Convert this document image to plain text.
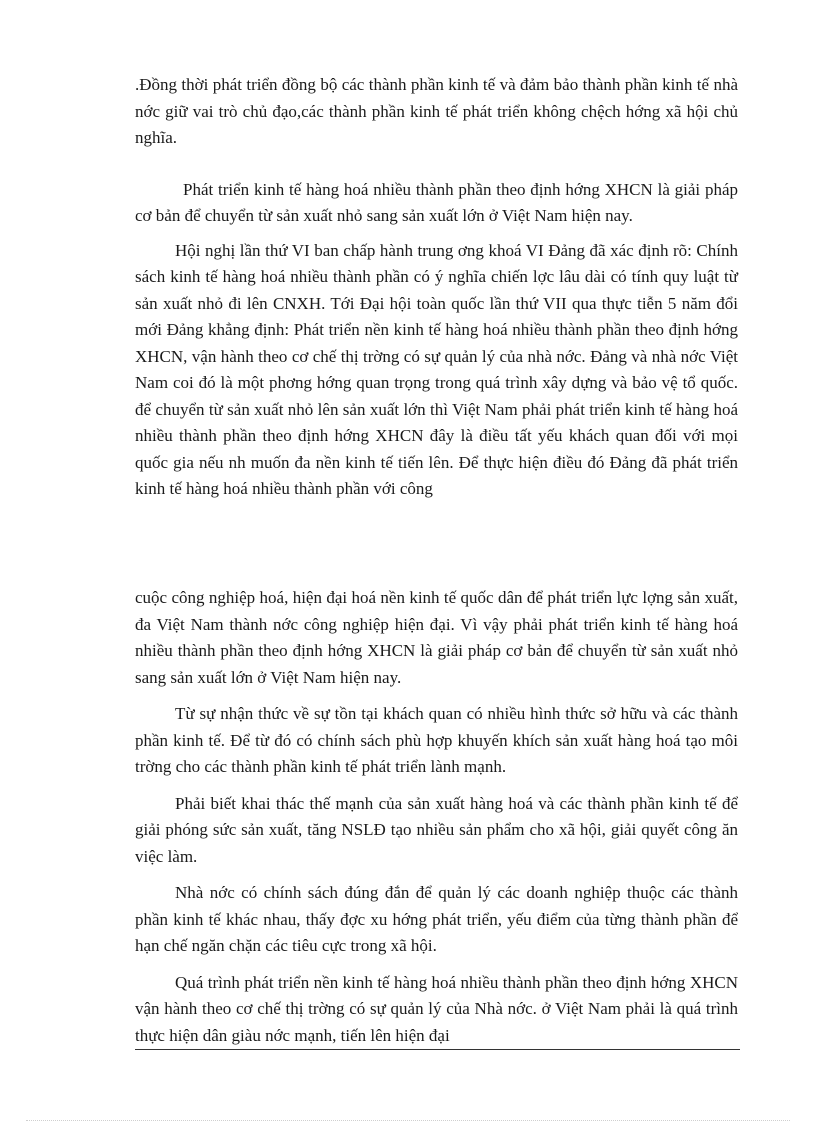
.Đồng thời phát triển đồng bộ các thành phần kinh tế và đảm bảo thành phần kinh tế nhà nớc giữ vai trò chủ đạo,các thành phần kinh tế phát triển không chệch hớng xã hội chủ nghĩa.

Phát triển kinh tế hàng hoá nhiều thành phần theo định hớng XHCN là giải pháp cơ bản để chuyển từ sản xuất nhỏ sang sản xuất lớn ở Việt Nam hiện nay.

Hội nghị lần thứ VI ban chấp hành trung ơng khoá VI Đảng đã xác định rõ: Chính sách kinh tế hàng hoá nhiều thành phần có ý nghĩa chiến lợc lâu dài có tính quy luật từ sản xuất nhỏ đi lên CNXH. Tới Đại hội toàn quốc lần thứ VII qua thực tiễn 5 năm đổi mới Đảng khẳng định: Phát triển nền kinh tế hàng hoá nhiều thành phần theo định hớng XHCN, vận hành theo cơ chế thị trờng có sự quản lý của nhà nớc. Đảng và nhà nớc Việt Nam coi đó là một phơng hớng quan trọng trong quá trình xây dựng và bảo vệ tổ quốc. để chuyển từ sản xuất nhỏ lên sản xuất lớn thì Việt Nam phải phát triển kinh tế hàng hoá nhiều thành phần theo định hớng XHCN đây là điều tất yếu khách quan đối với mọi quốc gia nếu nh muốn đa nền kinh tế tiến lên. Để thực hiện điều đó Đảng đã phát triển kinh tế hàng hoá nhiều thành phần với công

cuộc công nghiệp hoá, hiện đại hoá nền kinh tế quốc dân để phát triển lực lợng sản xuất, đa Việt Nam thành nớc công nghiệp hiện đại. Vì vậy phải phát triển kinh tế hàng hoá nhiều thành phần theo định hớng XHCN là giải pháp cơ bản để chuyển từ sản xuất nhỏ sang sản xuất lớn ở Việt Nam hiện nay.

Từ sự nhận thức về sự tồn tại khách quan có nhiều hình thức sở hữu và các thành phần kinh tế. Để từ đó có chính sách phù hợp khuyến khích sản xuất hàng hoá tạo môi trờng cho các thành phần kinh tế phát triển lành mạnh.

Phải biết khai thác thế mạnh của sản xuất hàng hoá và các thành phần kinh tế để giải phóng sức sản xuất, tăng NSLĐ tạo nhiều sản phẩm cho xã hội, giải quyết công ăn việc làm.

Nhà nớc có chính sách đúng đắn để quản lý các doanh nghiệp thuộc các thành phần kinh tế khác nhau, thấy đợc xu hớng phát triển, yếu điểm của từng thành phần để hạn chế ngăn chặn các tiêu cực trong xã hội.

Quá trình phát triển nền kinh tế hàng hoá nhiều thành phần theo định hớng XHCN vận hành theo cơ chế thị trờng có sự quản lý của Nhà nớc. ở Việt Nam phải là quá trình thực hiện dân giàu nớc mạnh, tiến lên hiện đại
